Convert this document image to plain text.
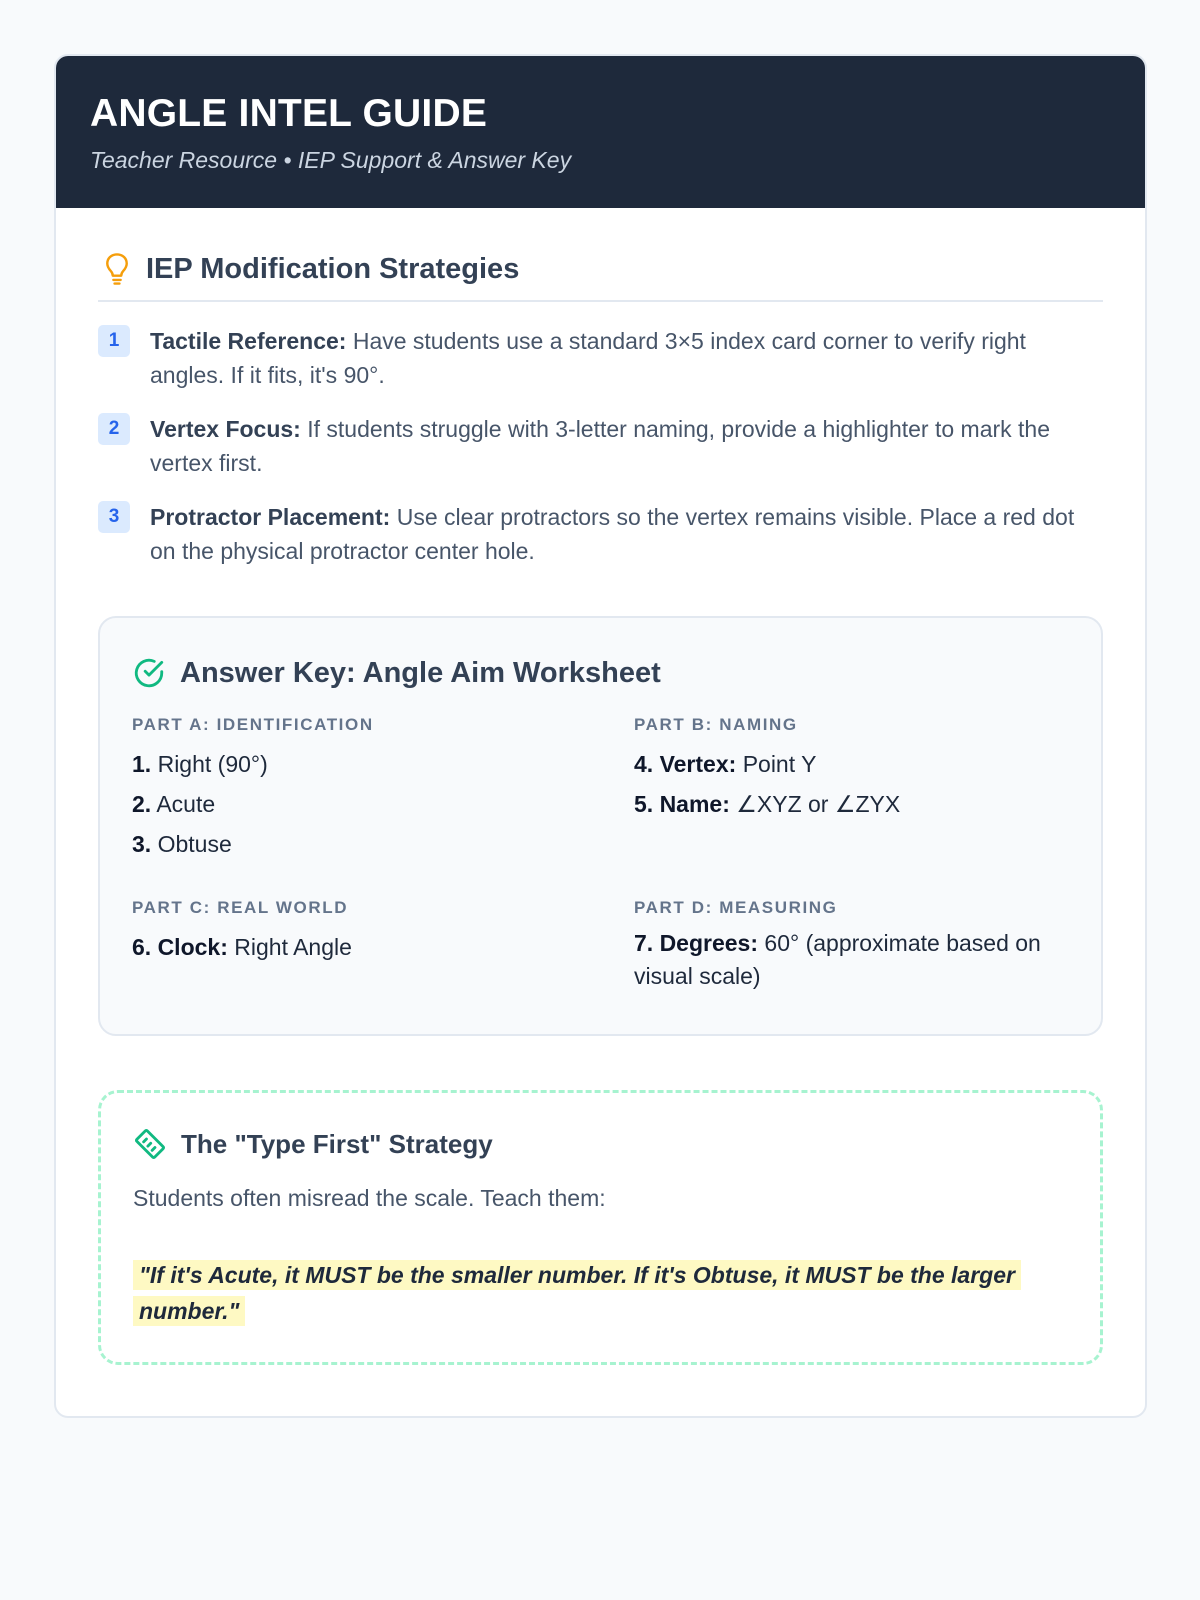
ANGLE INTEL GUIDE
Teacher Resource • IEP Support & Answer Key
IEP Modification Strategies
1	Tactile Reference: Have students use a standard 3×5 index card corner to verify right angles. If it fits, it's 90°.
2	Vertex Focus: If students struggle with 3-letter naming, provide a highlighter to mark the vertex first.
3	Protractor Placement: Use clear protractors so the vertex remains visible. Place a red dot on the physical protractor center hole.
Answer Key: Angle Aim Worksheet
PART A: IDENTIFICATION
1. Right (90°)
2. Acute
3. Obtuse
PART B: NAMING
4. Vertex: Point Y
5. Name: ∠XYZ or ∠ZYX
PART C: REAL WORLD
6. Clock: Right Angle
PART D: MEASURING
7. Degrees: 60° (approximate based on visual scale)
The "Type First" Strategy
Students often misread the scale. Teach them:
"If it's Acute, it MUST be the smaller number. If it's Obtuse, it MUST be the larger number."
